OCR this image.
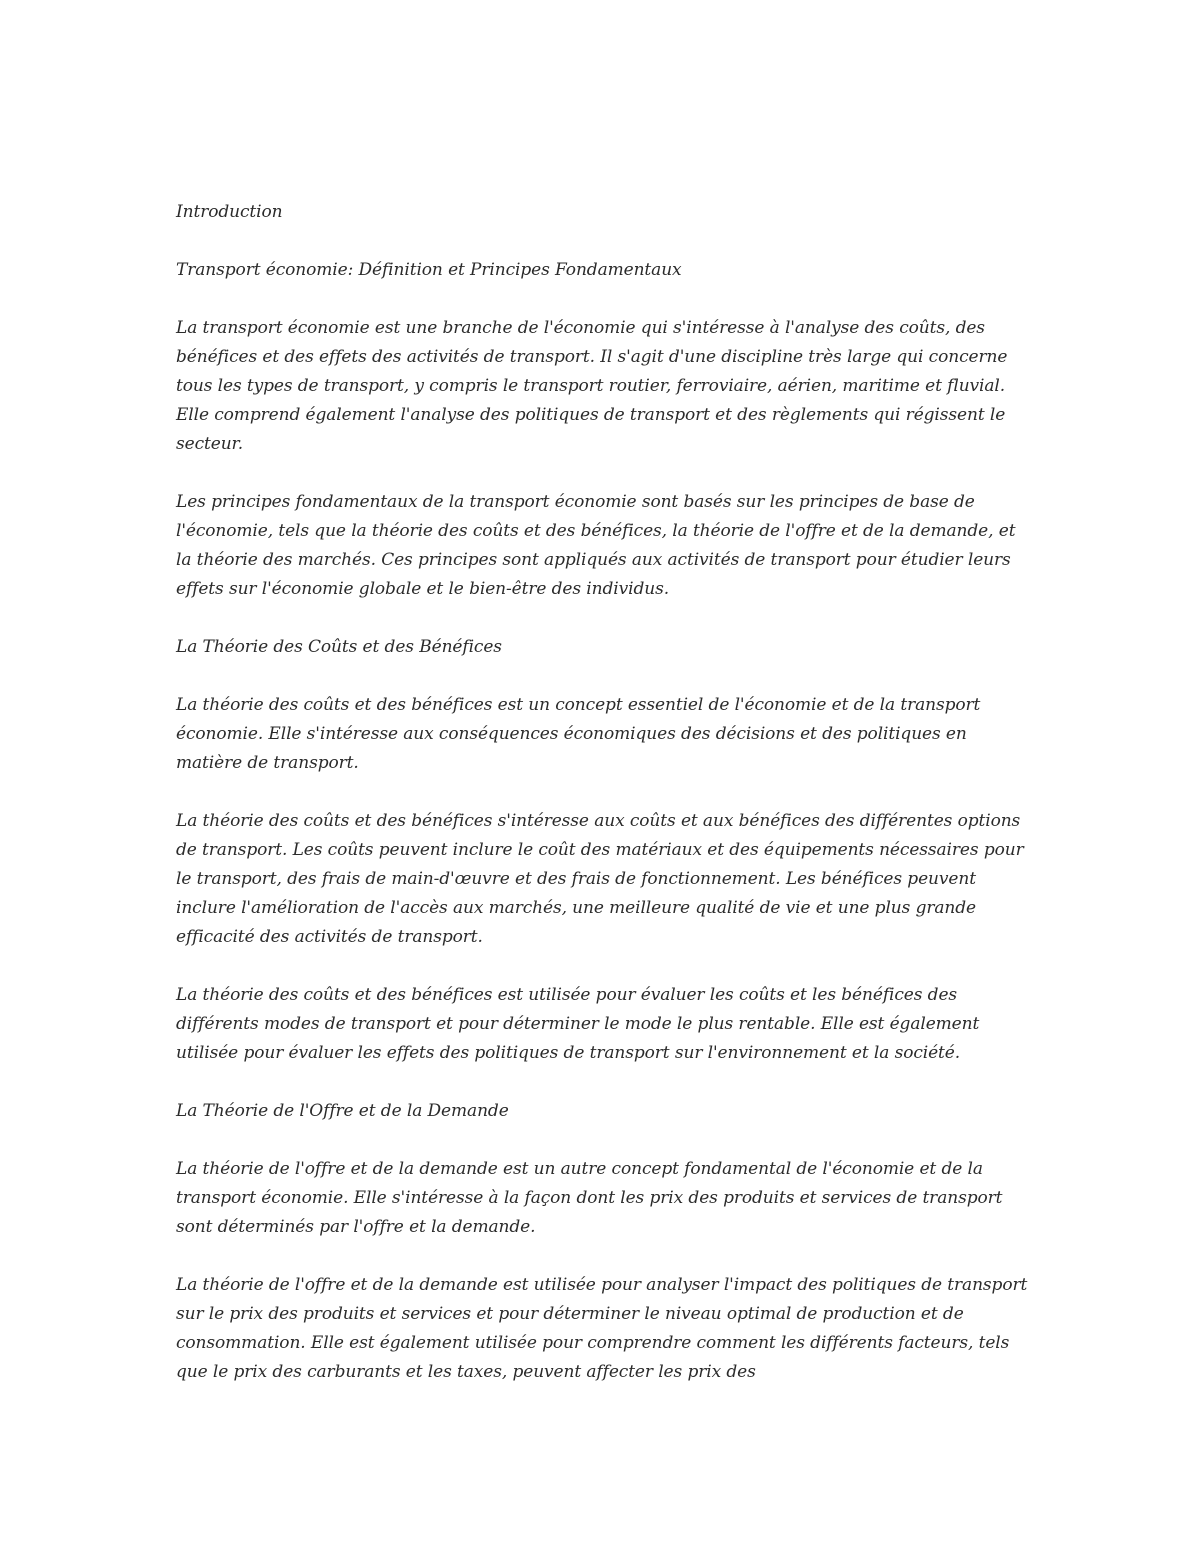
Introduction

Transport économie: Définition et Principes Fondamentaux

La transport économie est une branche de l'économie qui s'intéresse à l'analyse des coûts, des bénéfices et des effets des activités de transport. Il s'agit d'une discipline très large qui concerne tous les types de transport, y compris le transport routier, ferroviaire, aérien, maritime et fluvial. Elle comprend également l'analyse des politiques de transport et des règlements qui régissent le secteur.

Les principes fondamentaux de la transport économie sont basés sur les principes de base de l'économie, tels que la théorie des coûts et des bénéfices, la théorie de l'offre et de la demande, et la théorie des marchés. Ces principes sont appliqués aux activités de transport pour étudier leurs effets sur l'économie globale et le bien-être des individus.

La Théorie des Coûts et des Bénéfices

La théorie des coûts et des bénéfices est un concept essentiel de l'économie et de la transport économie. Elle s'intéresse aux conséquences économiques des décisions et des politiques en matière de transport.

La théorie des coûts et des bénéfices s'intéresse aux coûts et aux bénéfices des différentes options de transport. Les coûts peuvent inclure le coût des matériaux et des équipements nécessaires pour le transport, des frais de main-d'œuvre et des frais de fonctionnement. Les bénéfices peuvent inclure l'amélioration de l'accès aux marchés, une meilleure qualité de vie et une plus grande efficacité des activités de transport.

La théorie des coûts et des bénéfices est utilisée pour évaluer les coûts et les bénéfices des différents modes de transport et pour déterminer le mode le plus rentable. Elle est également utilisée pour évaluer les effets des politiques de transport sur l'environnement et la société.

La Théorie de l'Offre et de la Demande

La théorie de l'offre et de la demande est un autre concept fondamental de l'économie et de la transport économie. Elle s'intéresse à la façon dont les prix des produits et services de transport sont déterminés par l'offre et la demande.

La théorie de l'offre et de la demande est utilisée pour analyser l'impact des politiques de transport sur le prix des produits et services et pour déterminer le niveau optimal de production et de consommation. Elle est également utilisée pour comprendre comment les différents facteurs, tels que le prix des carburants et les taxes, peuvent affecter les prix des
